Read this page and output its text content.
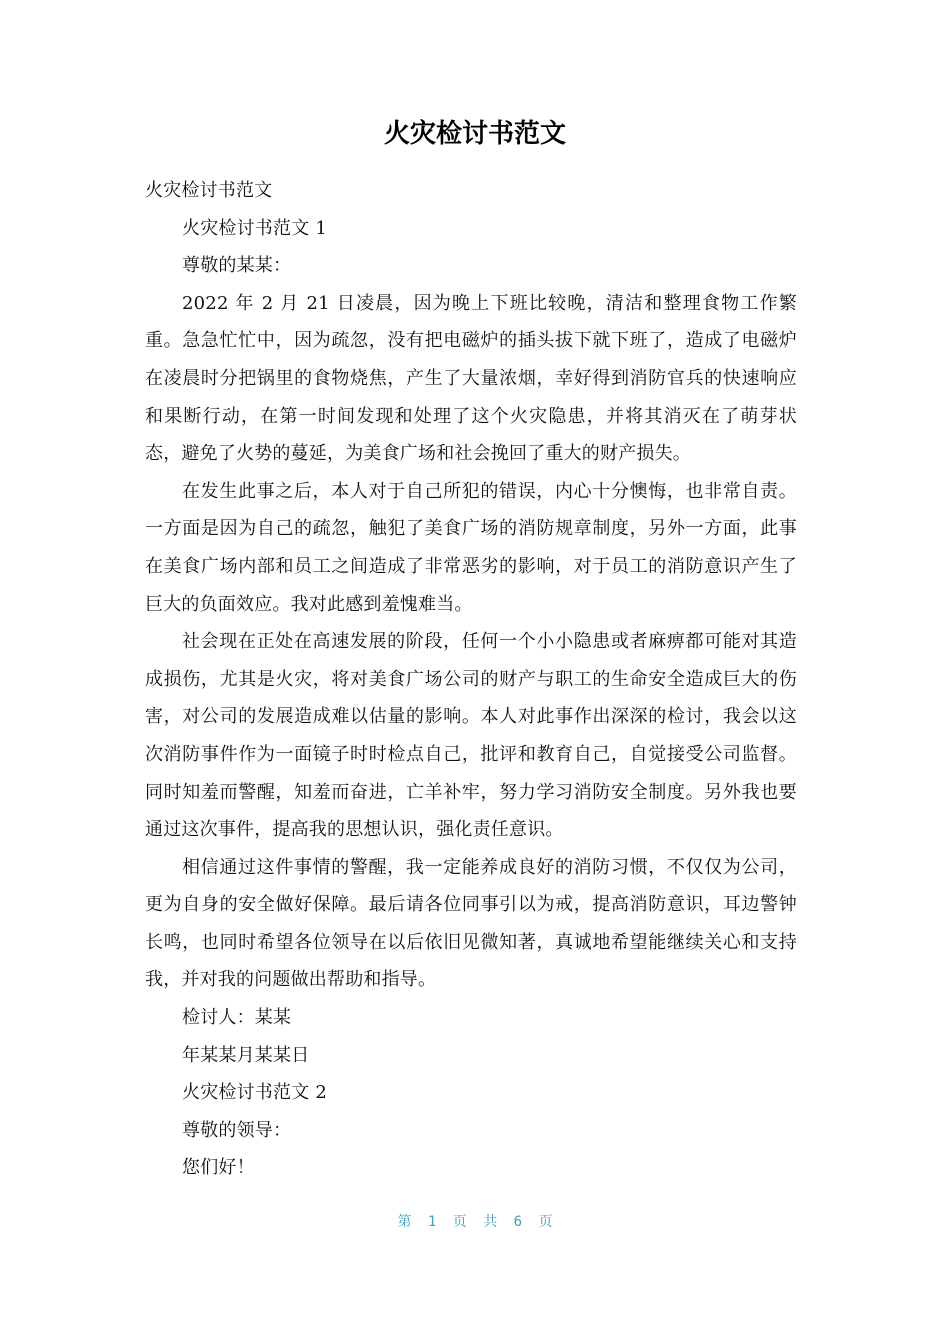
火灾检讨书范文

火灾检讨书范文

火灾检讨书范文 1

尊敬的某某：

2022 年 2 月 21 日凌晨，因为晚上下班比较晚，清洁和整理食物工作繁重。急急忙忙中，因为疏忽，没有把电磁炉的插头拔下就下班了，造成了电磁炉在凌晨时分把锅里的食物烧焦，产生了大量浓烟，幸好得到消防官兵的快速响应和果断行动，在第一时间发现和处理了这个火灾隐患，并将其消灭在了萌芽状态，避免了火势的蔓延，为美食广场和社会挽回了重大的财产损失。

在发生此事之后，本人对于自己所犯的错误，内心十分懊悔，也非常自责。一方面是因为自己的疏忽，触犯了美食广场的消防规章制度，另外一方面，此事在美食广场内部和员工之间造成了非常恶劣的影响，对于员工的消防意识产生了巨大的负面效应。我对此感到羞愧难当。

社会现在正处在高速发展的阶段，任何一个小小隐患或者麻痹都可能对其造成损伤，尤其是火灾，将对美食广场公司的财产与职工的生命安全造成巨大的伤害，对公司的发展造成难以估量的影响。本人对此事作出深深的检讨，我会以这次消防事件作为一面镜子时时检点自己，批评和教育自己，自觉接受公司监督。同时知羞而警醒，知羞而奋进，亡羊补牢，努力学习消防安全制度。另外我也要通过这次事件，提高我的思想认识，强化责任意识。

相信通过这件事情的警醒，我一定能养成良好的消防习惯，不仅仅为公司，更为自身的安全做好保障。最后请各位同事引以为戒，提高消防意识，耳边警钟长鸣，也同时希望各位领导在以后依旧见微知著，真诚地希望能继续关心和支持我，并对我的问题做出帮助和指导。

检讨人：某某

年某某月某某日

火灾检讨书范文 2

尊敬的领导：

您们好！

第 1 页 共 6 页
